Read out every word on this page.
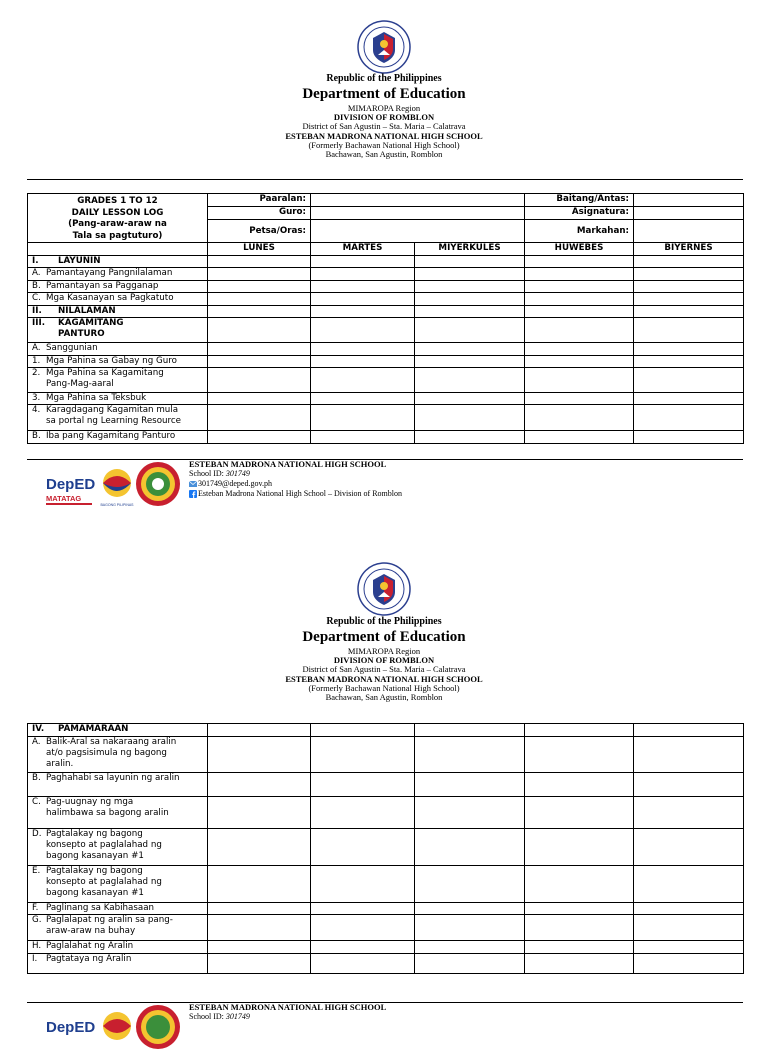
Republic of the Philippines
Department of Education
MIMAROPA Region
DIVISION OF ROMBLON
District of San Agustin – Sta. Maria – Calatrava
ESTEBAN MADRONA NATIONAL HIGH SCHOOL
(Formerly Bachawan National High School)
Bachawan, San Agustin, Romblon
GRADES 1 TO 12
DAILY LESSON LOG
(Pang-araw-araw na
Tala sa pagtuturo)	Paaralan:			Baitang/Antas:	
	Guro:			Asignatura:	
	Petsa/Oras:			Markahan:	
	LUNES	MARTES	MIYERKULES	HUWEBES	BIYERNES

I. LAYUNIN					

A. Pamantayang Pangnilalaman					

B. Pamantayan sa Pagganap					

C. Mga Kasanayan sa Pagkatuto					

II. NILALAMAN					

III. KAGAMITANG
PANTURO					

A. Sanggunian					

1. Mga Pahina sa Gabay ng Guro					

2. Mga Pahina sa Kagamitang
Pang-Mag-aaral					

3. Mga Pahina sa Teksbuk					

4. Karagdagang Kagamitan mula
sa portal ng Learning Resource					

B. Iba pang Kagamitang Panturo					

DepED
MATATAG
BAGONG PILIPINAS
ESTEBAN MADRONA NATIONAL HIGH SCHOOL
School ID: 301749
301749@deped.gov.ph
Esteban Madrona National High School – Division of Romblon
Republic of the Philippines
Department of Education
MIMAROPA Region
DIVISION OF ROMBLON
District of San Agustin – Sta. Maria – Calatrava
ESTEBAN MADRONA NATIONAL HIGH SCHOOL
(Formerly Bachawan National High School)
Bachawan, San Agustin, Romblon
IV. PAMAMARAAN					

A. Balik-Aral sa nakaraang aralin
at/o pagsisimula ng bagong
aralin.					

B. Paghahabi sa layunin ng aralin					

C. Pag-uugnay ng mga
halimbawa sa bagong aralin					

D. Pagtalakay ng bagong
konsepto at paglalahad ng
bagong kasanayan #1					

E. Pagtalakay ng bagong
konsepto at paglalahad ng
bagong kasanayan #1					

F. Paglinang sa Kabihasaan					

G. Paglalapat ng aralin sa pang-
araw-araw na buhay					

H. Paglalahat ng Aralin					

I. Pagtataya ng Aralin					

DepED
ESTEBAN MADRONA NATIONAL HIGH SCHOOL
School ID: 301749
